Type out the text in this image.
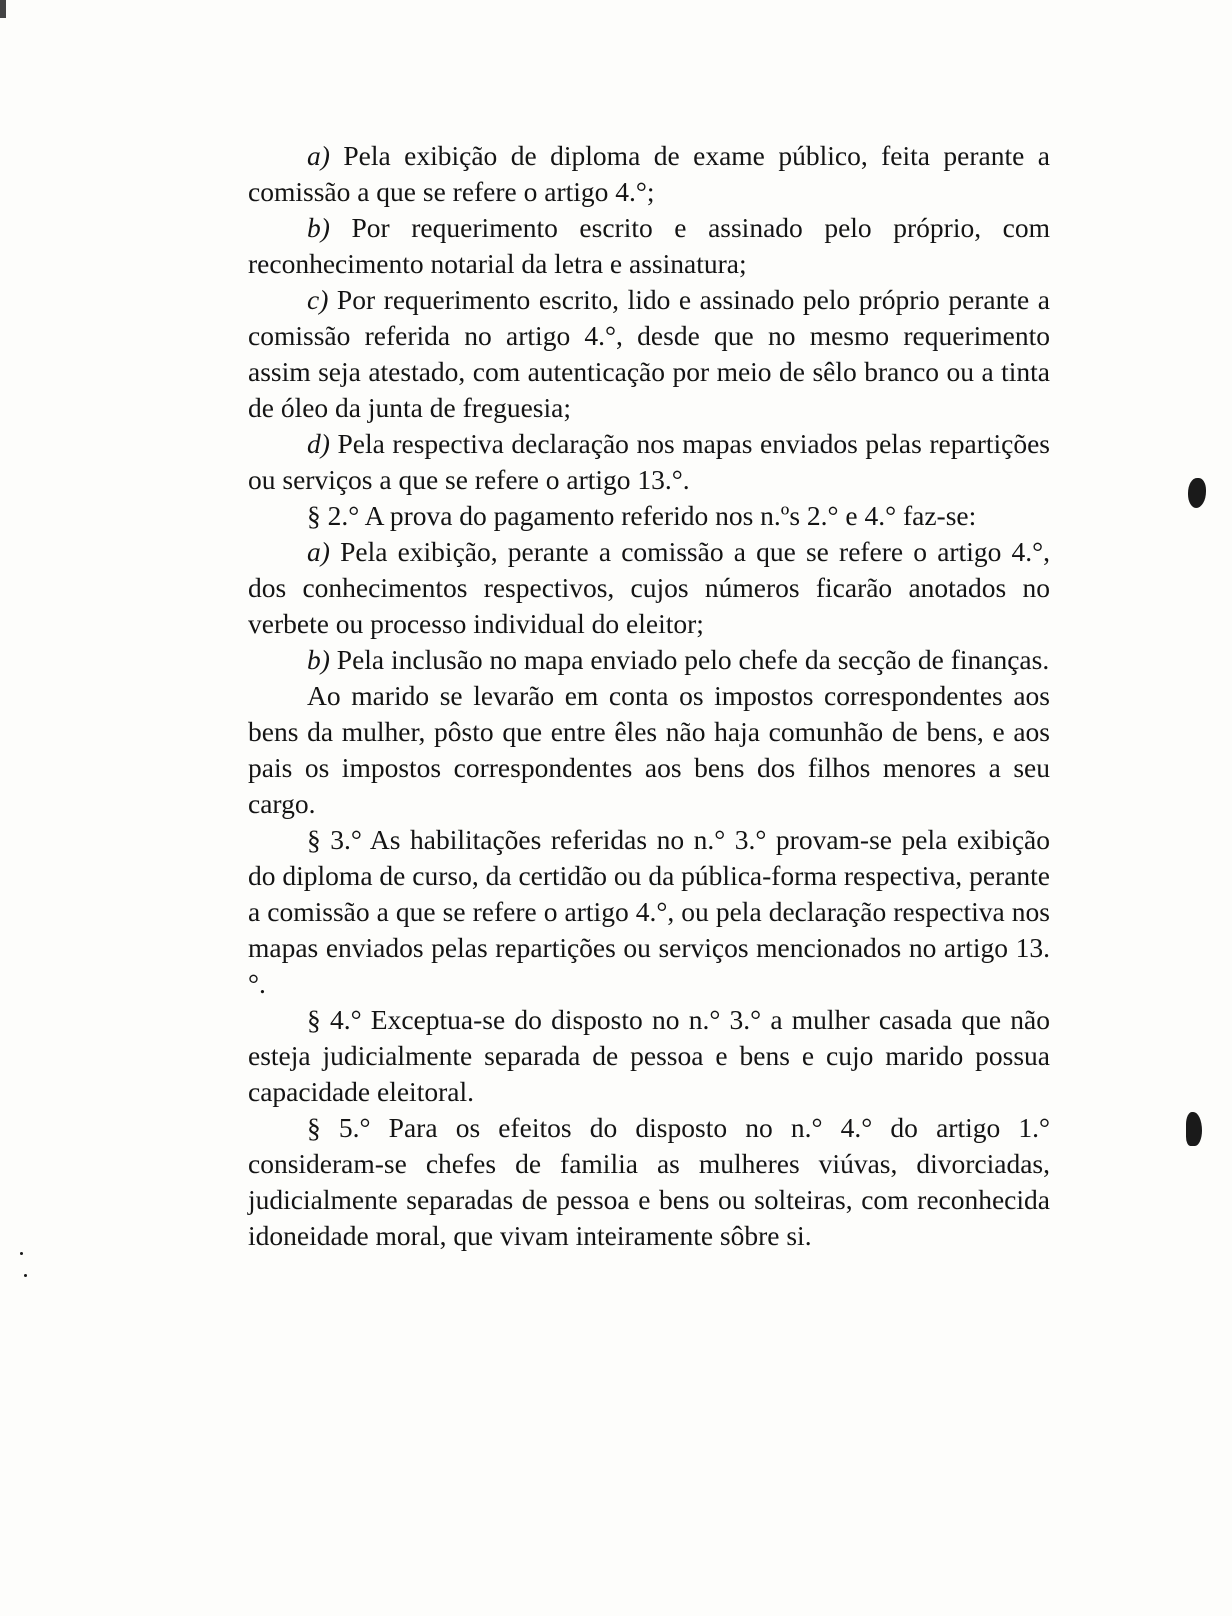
a) Pela exibição de diploma de exame público, feita perante a comissão a que se refere o artigo 4.°;

b) Por requerimento escrito e assinado pelo próprio, com reconhecimento notarial da letra e assinatura;

c) Por requerimento escrito, lido e assinado pelo próprio perante a comissão referida no artigo 4.°, desde que no mesmo requerimento assim seja atestado, com autenticação por meio de sêlo branco ou a tinta de óleo da junta de freguesia;

d) Pela respectiva declaração nos mapas enviados pelas repartições ou serviços a que se refere o artigo 13.°.

§ 2.° A prova do pagamento referido nos n.ºs 2.° e 4.° faz-se:

a) Pela exibição, perante a comissão a que se refere o artigo 4.°, dos conhecimentos respectivos, cujos números ficarão anotados no verbete ou processo individual do eleitor;

b) Pela inclusão no mapa enviado pelo chefe da secção de finanças.

Ao marido se levarão em conta os impostos correspondentes aos bens da mulher, pôsto que entre êles não haja comunhão de bens, e aos pais os impostos correspondentes aos bens dos filhos menores a seu cargo.

§ 3.° As habilitações referidas no n.° 3.° provam-se pela exibição do diploma de curso, da certidão ou da pública-forma respectiva, perante a comissão a que se refere o artigo 4.°, ou pela declaração respectiva nos mapas enviados pelas repartições ou serviços mencionados no artigo 13.°.

§ 4.° Exceptua-se do disposto no n.° 3.° a mulher casada que não esteja judicialmente separada de pessoa e bens e cujo marido possua capacidade eleitoral.

§ 5.° Para os efeitos do disposto no n.° 4.° do artigo 1.° consideram-se chefes de familia as mulheres viúvas, divorciadas, judicialmente separadas de pessoa e bens ou solteiras, com reconhecida idoneidade moral, que vivam inteiramente sôbre si.
